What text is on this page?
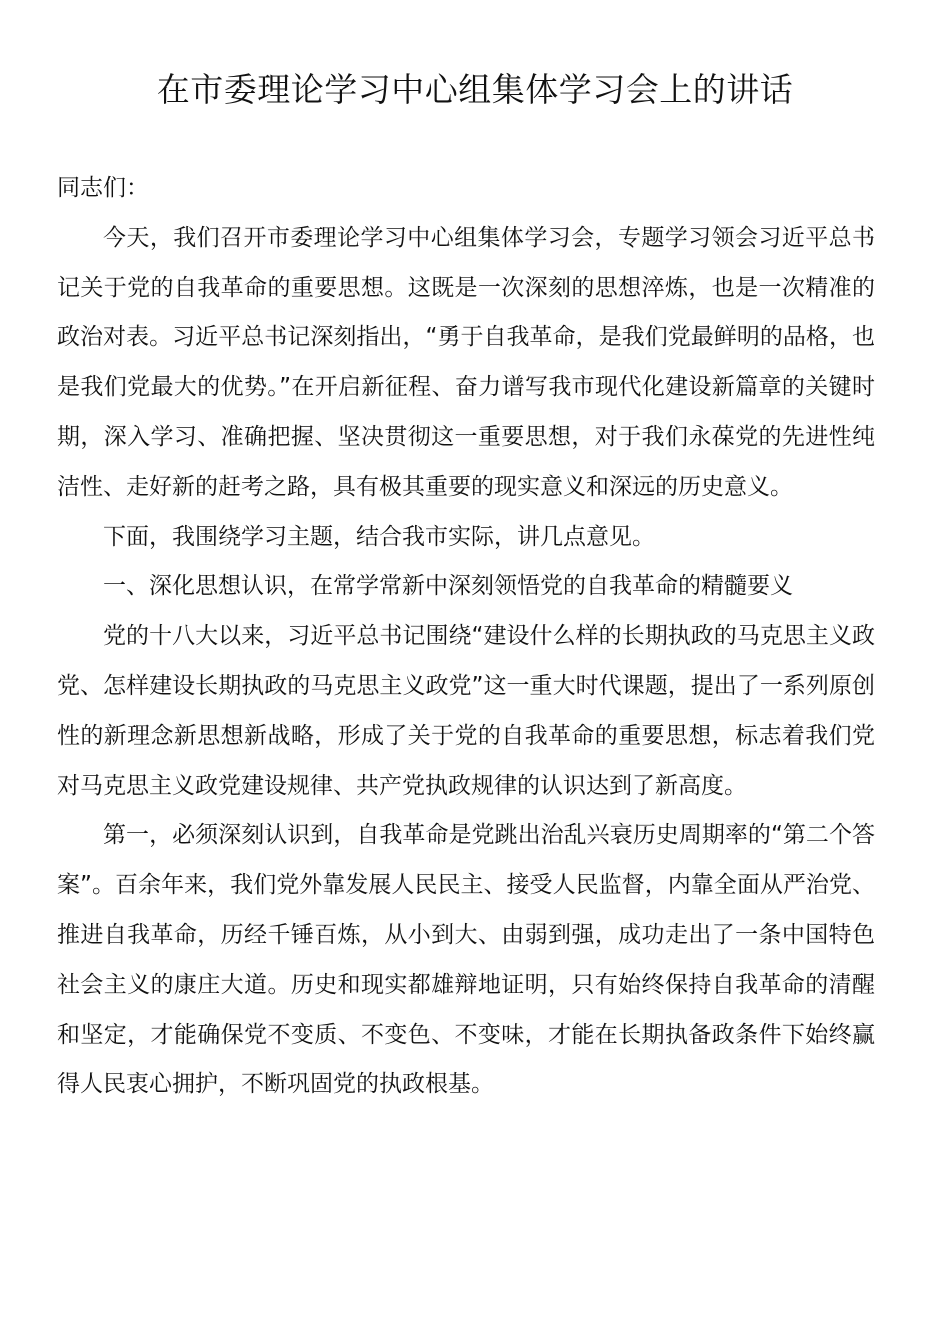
在市委理论学习中心组集体学习会上的讲话

同志们：

今天，我们召开市委理论学习中心组集体学习会，专题学习领会习近平总书记关于党的自我革命的重要思想。这既是一次深刻的思想淬炼，也是一次精准的政治对表。习近平总书记深刻指出，“勇于自我革命，是我们党最鲜明的品格，也是我们党最大的优势。”在开启新征程、奋力谱写我市现代化建设新篇章的关键时期，深入学习、准确把握、坚决贯彻这一重要思想，对于我们永葆党的先进性纯洁性、走好新的赶考之路，具有极其重要的现实意义和深远的历史意义。

下面，我围绕学习主题，结合我市实际，讲几点意见。

一、深化思想认识，在常学常新中深刻领悟党的自我革命的精髓要义

党的十八大以来，习近平总书记围绕“建设什么样的长期执政的马克思主义政党、怎样建设长期执政的马克思主义政党”这一重大时代课题，提出了一系列原创性的新理念新思想新战略，形成了关于党的自我革命的重要思想，标志着我们党对马克思主义政党建设规律、共产党执政规律的认识达到了新高度。

第一，必须深刻认识到，自我革命是党跳出治乱兴衰历史周期率的“第二个答案”。百余年来，我们党外靠发展人民民主、接受人民监督，内靠全面从严治党、推进自我革命，历经千锤百炼，从小到大、由弱到强，成功走出了一条中国特色社会主义的康庄大道。历史和现实都雄辩地证明，只有始终保持自我革命的清醒和坚定，才能确保党不变质、不变色、不变味，才能在长期执备政条件下始终赢得人民衷心拥护，不断巩固党的执政根基。
